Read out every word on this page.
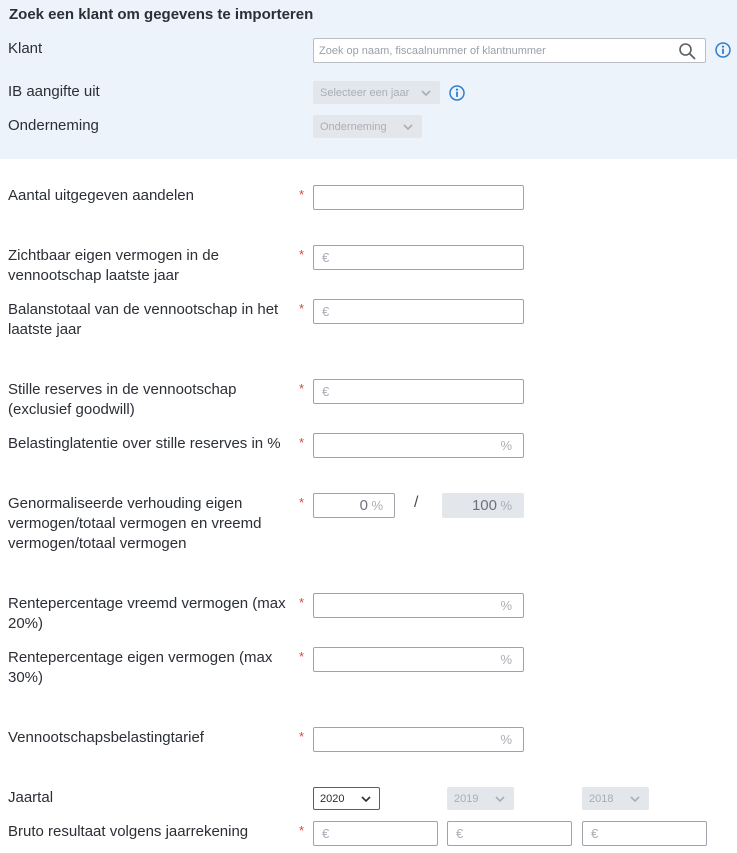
Zoek een klant om gegevens te importeren
Klant
Zoek op naam, fiscaalnummer of klantnummer
IB aangifte uit	Selecteer een jaar
Onderneming	Onderneming
Aantal uitgegeven aandelen	*
Zichtbaar eigen vermogen in de vennootschap laatste jaar
* €
Balanstotaal van de vennootschap in het laatste jaar
* €
Stille reserves in de vennootschap (exclusief goodwill)
* €
Belastinglatentie over stille reserves in %	*	%
Genormaliseerde verhouding eigen vermogen/totaal vermogen en vreemd vermogen/totaal vermogen
*	0 % /	100 %
Rentepercentage vreemd vermogen (max 20%)
*	%
Rentepercentage eigen vermogen (max 30%)
*	%
Vennootschapsbelastingtarief	*	%
Jaartal	2020	2019	2018
Bruto resultaat volgens jaarrekening	* €	€	€
